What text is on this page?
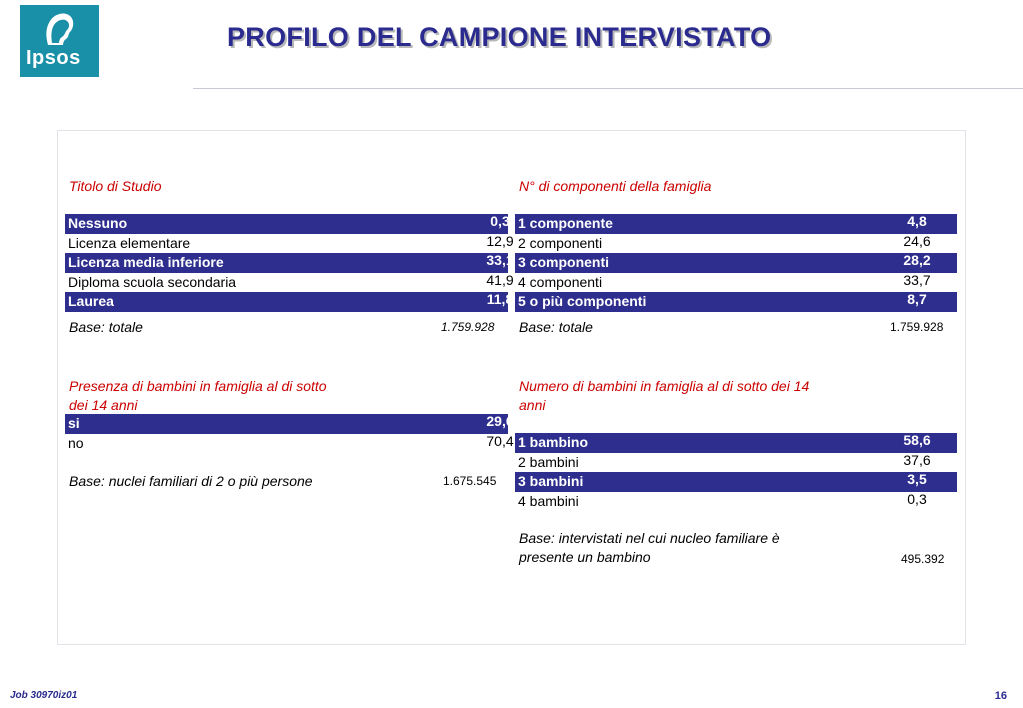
Ipsos
PROFILO DEL CAMPIONE INTERVISTATO
Titolo di Studio
Nessuno	0,3
Licenza elementare	12,9
Licenza media inferiore	33,1
Diploma scuola secondaria	41,9
Laurea	11,8
Base: totale	1.759.928
N° di componenti della famiglia
1 componente	4,8
2 componenti	24,6
3 componenti	28,2
4 componenti	33,7
5 o più componenti	8,7
Base: totale	1.759.928
Presenza di bambini in famiglia al di sotto
dei 14 anni
si	29,6
no	70,4
Base: nuclei familiari di 2 o più persone	1.675.545
Numero di bambini in famiglia al di sotto dei 14
anni
1 bambino	58,6
2 bambini	37,6
3 bambini	3,5
4 bambini	0,3
Base: intervistati nel cui nucleo familiare è
presente un bambino	495.392
Job 30970iz01	16
